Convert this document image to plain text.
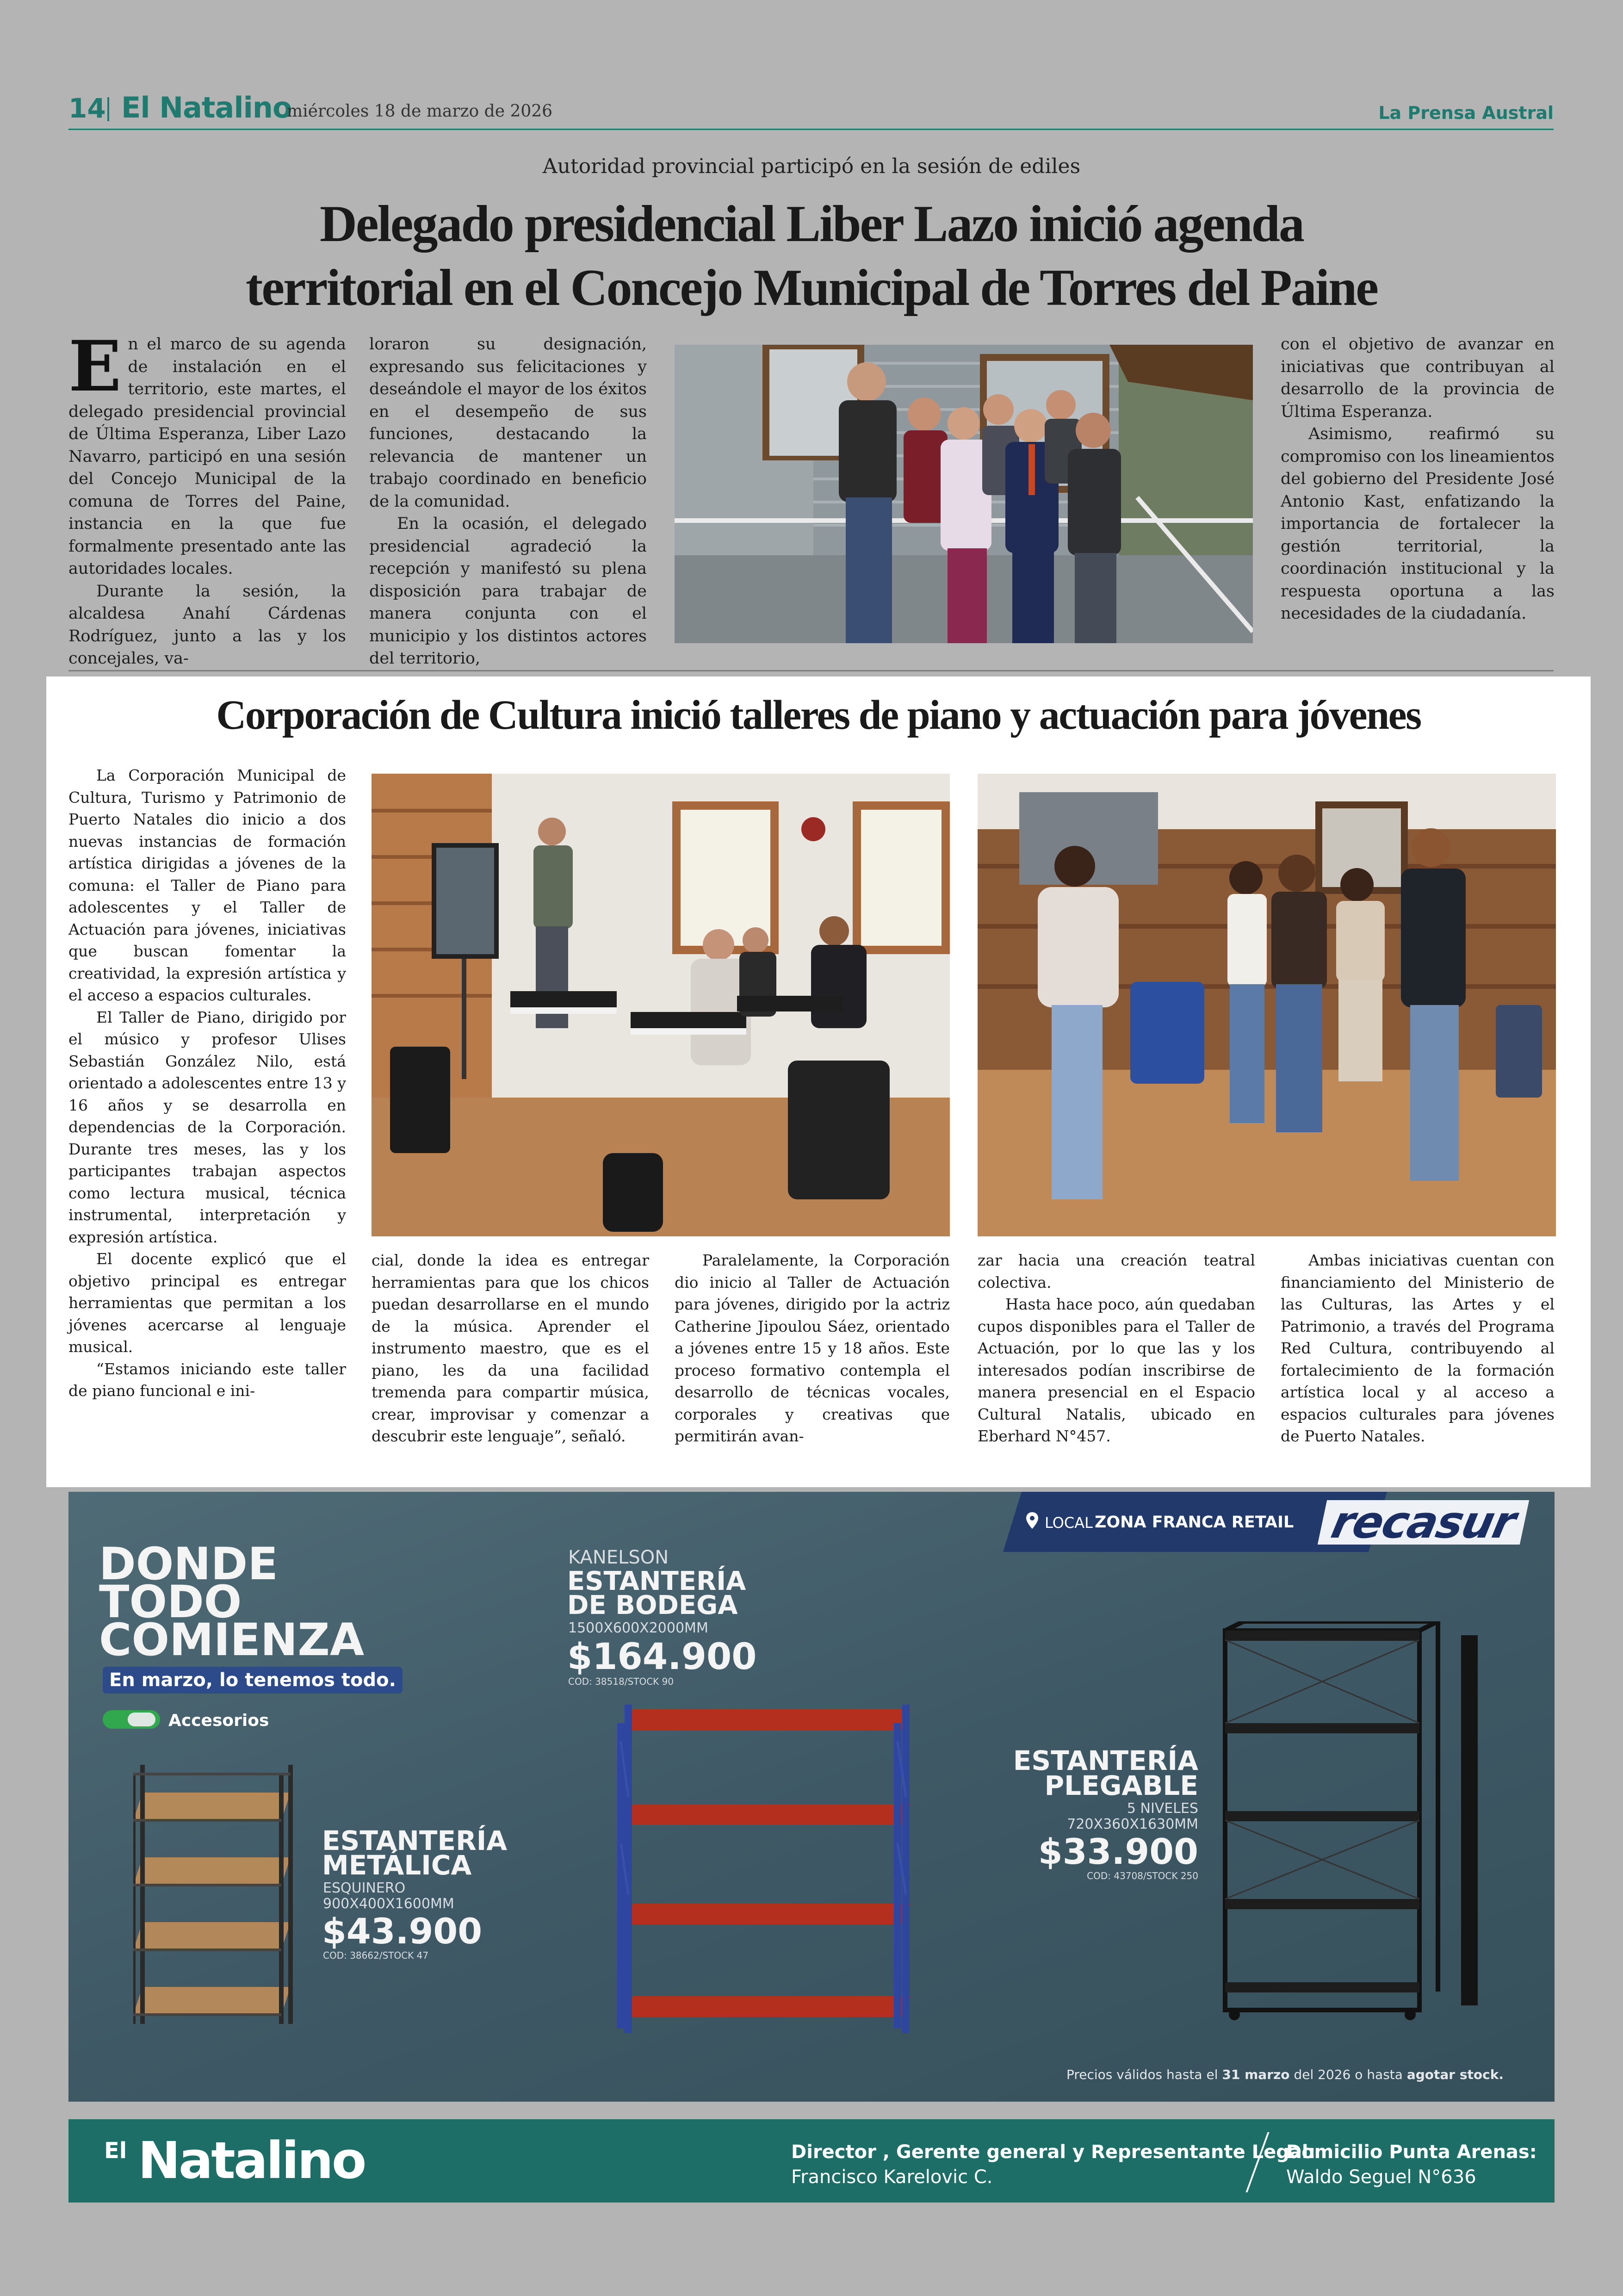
14 El Natalino
miércoles 18 de marzo de 2026	La Prensa Austral
Autoridad provincial participó en la sesión de ediles
Delegado presidencial Liber Lazo inició agenda
territorial en el Concejo Municipal de Torres del Paine

En el marco de su agenda de instalación en el territorio, este martes, el delegado presidencial provincial de Última Esperanza, Liber Lazo Navarro, participó en una sesión del Concejo Municipal de la comuna de Torres del Paine, instancia en la que fue formalmente presentado ante las autoridades locales.

Durante la sesión, la alcaldesa Anahí Cárdenas Rodríguez, junto a las y los concejales, va-

loraron su designación, expresando sus felicitaciones y deseándole el mayor de los éxitos en el desempeño de sus funciones, destacando la relevancia de mantener un trabajo coordinado en beneficio de la comunidad.

En la ocasión, el delegado presidencial agradeció la recepción y manifestó su plena disposición para trabajar de manera conjunta con el municipio y los distintos actores del territorio,

con el objetivo de avanzar en iniciativas que contribuyan al desarrollo de la provincia de Última Esperanza.

Asimismo, reafirmó su compromiso con los lineamientos del gobierno del Presidente José Antonio Kast, enfatizando la importancia de fortalecer la gestión territorial, la coordinación institucional y la respuesta oportuna a las necesidades de la ciudadanía.

Corporación de Cultura inició talleres de piano y actuación para jóvenes

La Corporación Municipal de Cultura, Turismo y Patrimonio de Puerto Natales dio inicio a dos nuevas instancias de formación artística dirigidas a jóvenes de la comuna: el Taller de Piano para adolescentes y el Taller de Actuación para jóvenes, iniciativas que buscan fomentar la creatividad, la expresión artística y el acceso a espacios culturales.

El Taller de Piano, dirigido por el músico y profesor Ulises Sebastián González Nilo, está orientado a adolescentes entre 13 y 16 años y se desarrolla en dependencias de la Corporación. Durante tres meses, las y los participantes trabajan aspectos como lectura musical, técnica instrumental, interpretación y expresión artística.

El docente explicó que el objetivo principal es entregar herramientas que permitan a los jóvenes acercarse al lenguaje musical.

“Estamos iniciando este taller de piano funcional e ini-

cial, donde la idea es entregar herramientas para que los chicos puedan desarrollarse en el mundo de la música. Aprender el instrumento maestro, que es el piano, les da una facilidad tremenda para compartir música, crear, improvisar y comenzar a descubrir este lenguaje”, señaló.

Paralelamente, la Corporación dio inicio al Taller de Actuación para jóvenes, dirigido por la actriz Catherine Jipoulou Sáez, orientado a jóvenes entre 15 y 18 años. Este proceso formativo contempla el desarrollo de técnicas vocales, corporales y creativas que permitirán avan-

zar hacia una creación teatral colectiva.

Hasta hace poco, aún quedaban cupos disponibles para el Taller de Actuación, por lo que las y los interesados podían inscribirse de manera presencial en el Espacio Cultural Natalis, ubicado en Eberhard N°457.

Ambas iniciativas cuentan con financiamiento del Ministerio de las Culturas, las Artes y el Patrimonio, a través del Programa Red Cultura, contribuyendo al fortalecimiento de la formación artística local y al acceso a espacios culturales para jóvenes de Puerto Natales.

LOCAL ZONA FRANCA RETAIL recasur
DONDE
TODO
COMIENZA
En marzo, lo tenemos todo.
Accesorios
ESTANTERÍA
METÁLICA
ESQUINERO
900X400X1600MM
$43.900
COD: 38662/STOCK 47
KANELSON
ESTANTERÍA
DE BODEGA
1500X600X2000MM
$164.900
COD: 38518/STOCK 90
ESTANTERÍA
PLEGABLE
5 NIVELES
720X360X1630MM
$33.900
COD: 43708/STOCK 250
Precios válidos hasta el 31 marzo del 2026 o hasta agotar stock.
El Natalino	Director , Gerente general y Representante Legal:
Francisco Karelovic C.
Domicilio Punta Arenas:
Waldo Seguel N°636
